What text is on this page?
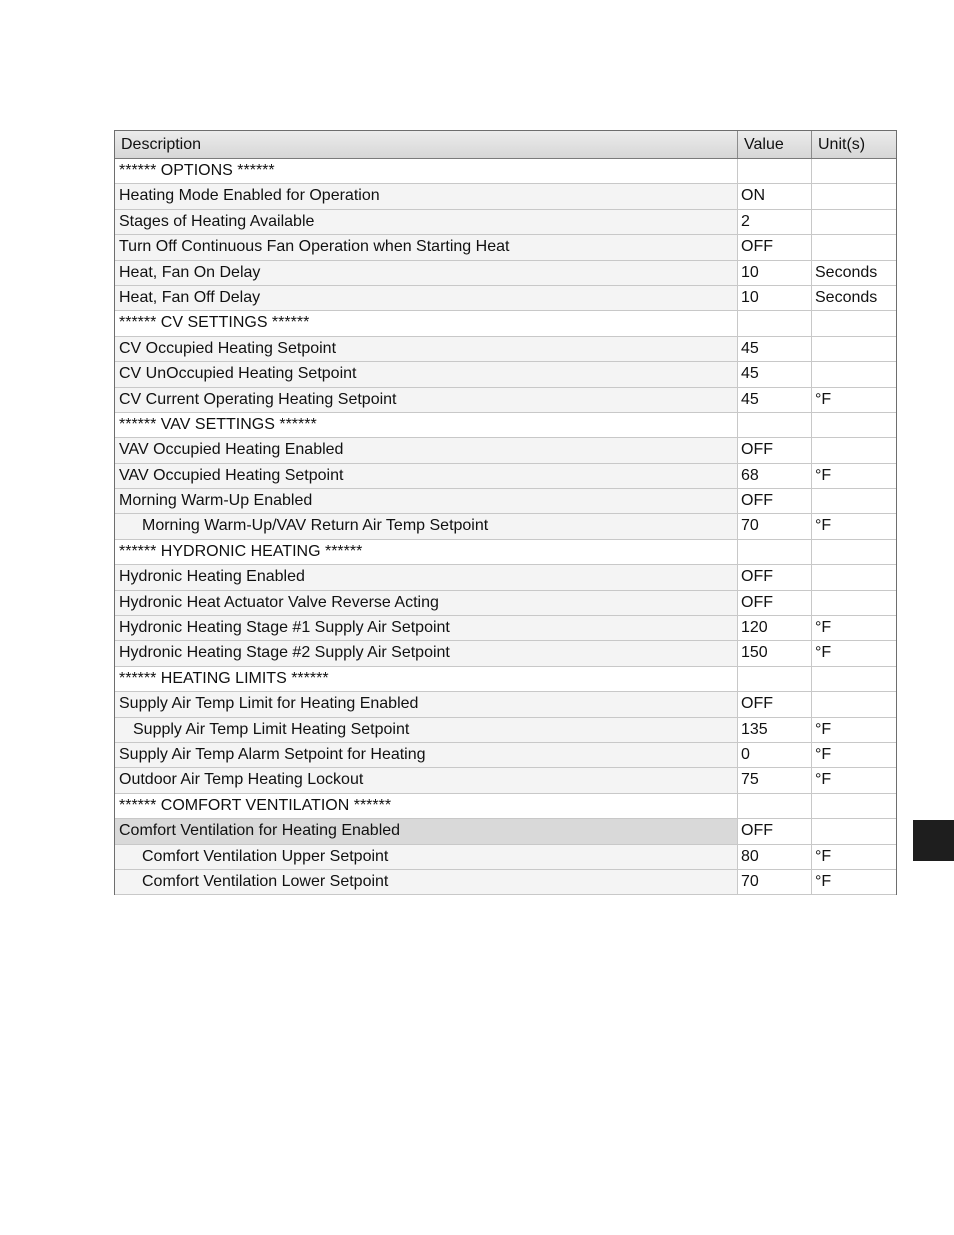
Description	Value	Unit(s)
****** OPTIONS ******
Heating Mode Enabled for Operation	ON
Stages of Heating Available	2
Turn Off Continuous Fan Operation when Starting Heat	OFF
Heat, Fan On Delay	10	Seconds
Heat, Fan Off Delay	10	Seconds
****** CV SETTINGS ******
CV Occupied Heating Setpoint	45
CV UnOccupied Heating Setpoint	45
CV Current Operating Heating Setpoint	45	°F
****** VAV SETTINGS ******
VAV Occupied Heating Enabled	OFF
VAV Occupied Heating Setpoint	68	°F
Morning Warm-Up Enabled	OFF
Morning Warm-Up/VAV Return Air Temp Setpoint	70	°F
****** HYDRONIC HEATING ******
Hydronic Heating Enabled	OFF
Hydronic Heat Actuator Valve Reverse Acting	OFF
Hydronic Heating Stage #1 Supply Air Setpoint	120	°F
Hydronic Heating Stage #2 Supply Air Setpoint	150	°F
****** HEATING LIMITS ******
Supply Air Temp Limit for Heating Enabled	OFF
Supply Air Temp Limit Heating Setpoint	135	°F
Supply Air Temp Alarm Setpoint for Heating	0	°F
Outdoor Air Temp Heating Lockout	75	°F
****** COMFORT VENTILATION ******
Comfort Ventilation for Heating Enabled	OFF
Comfort Ventilation Upper Setpoint	80	°F
Comfort Ventilation Lower Setpoint	70	°F
